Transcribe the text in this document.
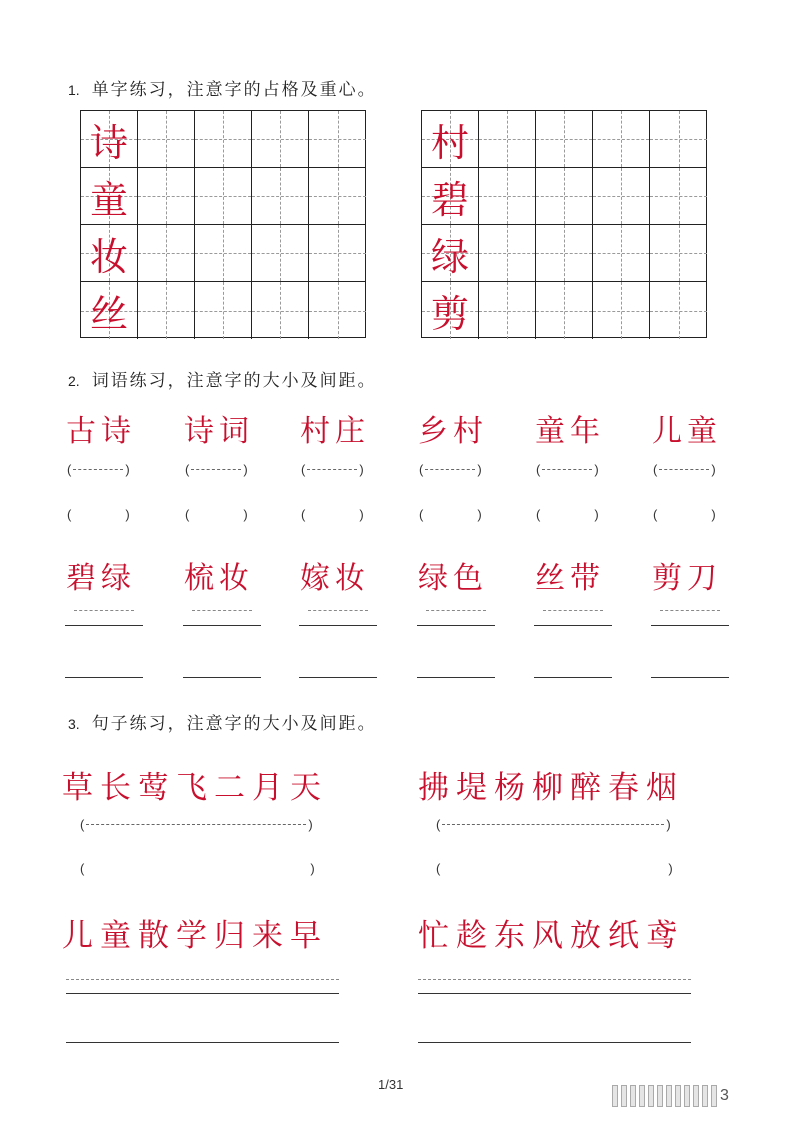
1. 单字练习，注意字的占格及重心。
诗
童
妆
丝
村
碧
绿
剪
2. 词语练习，注意字的大小及间距。
古诗
(	)
(	)
诗词
(	)
(	)
村庄
(	)
(	)
乡村
(	)
(	)
童年
(	)
(	)
儿童
(	)
(	)
碧绿 梳妆 嫁妆 绿色 丝带 剪刀
3. 句子练习，注意字的大小及间距。
草长莺飞二月天	拂堤杨柳醉春烟
(	)	(	)
(	)	(	)
儿童散学归来早	忙趁东风放纸鸢
1/31
3
